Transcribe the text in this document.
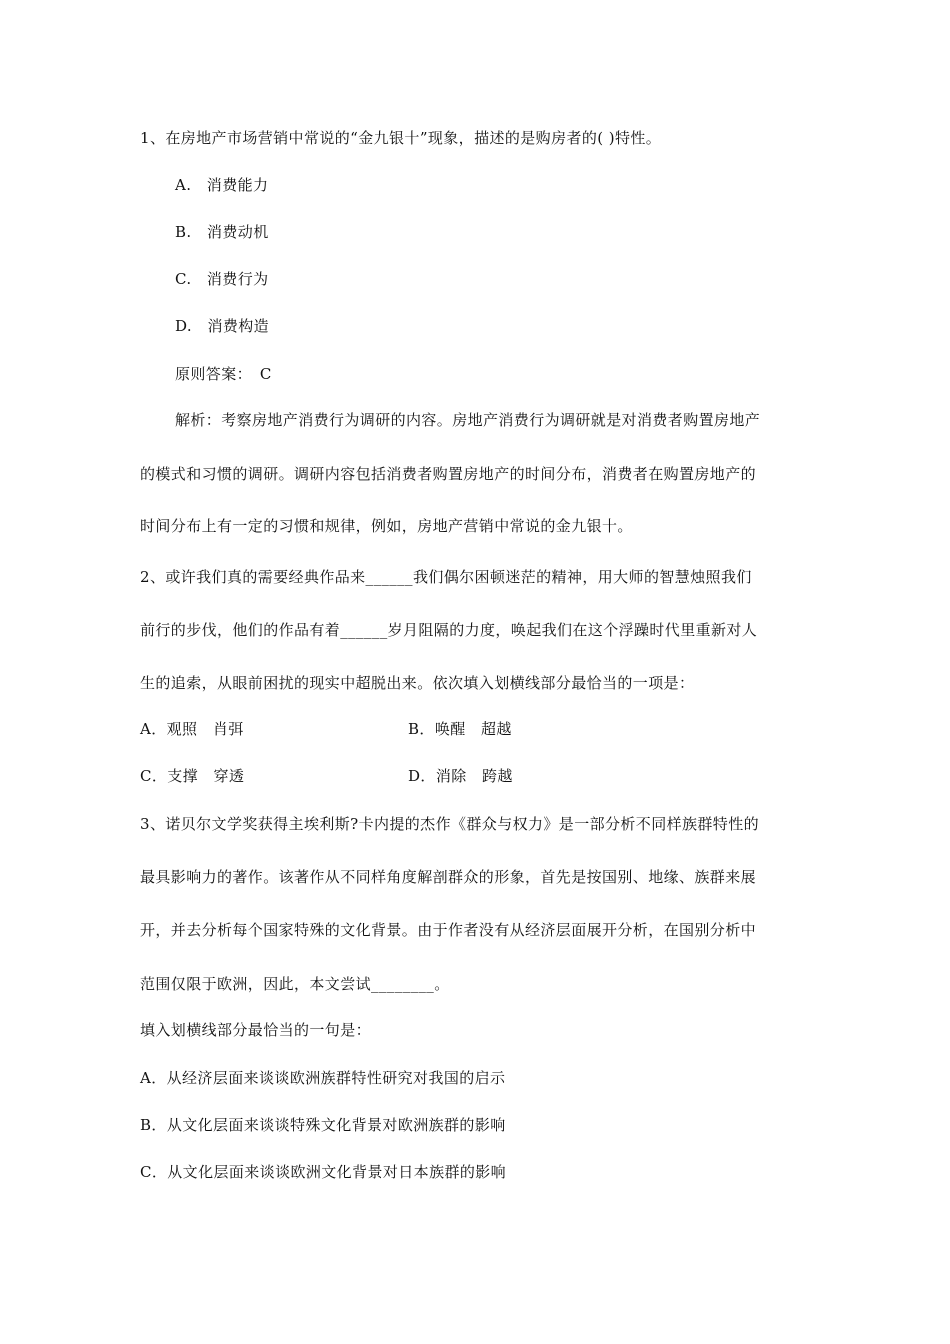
1、在房地产市场营销中常说的“金九银十”现象，描述的是购房者的( )特性。
A.　消费能力
B.　消费动机
C.　消费行为
D.　消费构造
原则答案：　C
解析：考察房地产消费行为调研的内容。房地产消费行为调研就是对消费者购置房地产
的模式和习惯的调研。调研内容包括消费者购置房地产的时间分布，消费者在购置房地产的
时间分布上有一定的习惯和规律，例如，房地产营销中常说的金九银十。
2、或许我们真的需要经典作品来______我们偶尔困顿迷茫的精神，用大师的智慧烛照我们
前行的步伐，他们的作品有着______岁月阻隔的力度，唤起我们在这个浮躁时代里重新对人
生的追索，从眼前困扰的现实中超脱出来。依次填入划横线部分最恰当的一项是：
A．观照　肖弭	B．唤醒　超越
C．支撑　穿透	D．消除　跨越
3、诺贝尔文学奖获得主埃利斯?卡内提的杰作《群众与权力》是一部分析不同样族群特性的
最具影响力的著作。该著作从不同样角度解剖群众的形象，首先是按国别、地缘、族群来展
开，并去分析每个国家特殊的文化背景。由于作者没有从经济层面展开分析，在国别分析中
范围仅限于欧洲，因此，本文尝试________。
填入划横线部分最恰当的一句是：
A．从经济层面来谈谈欧洲族群特性研究对我国的启示
B．从文化层面来谈谈特殊文化背景对欧洲族群的影响
C．从文化层面来谈谈欧洲文化背景对日本族群的影响
